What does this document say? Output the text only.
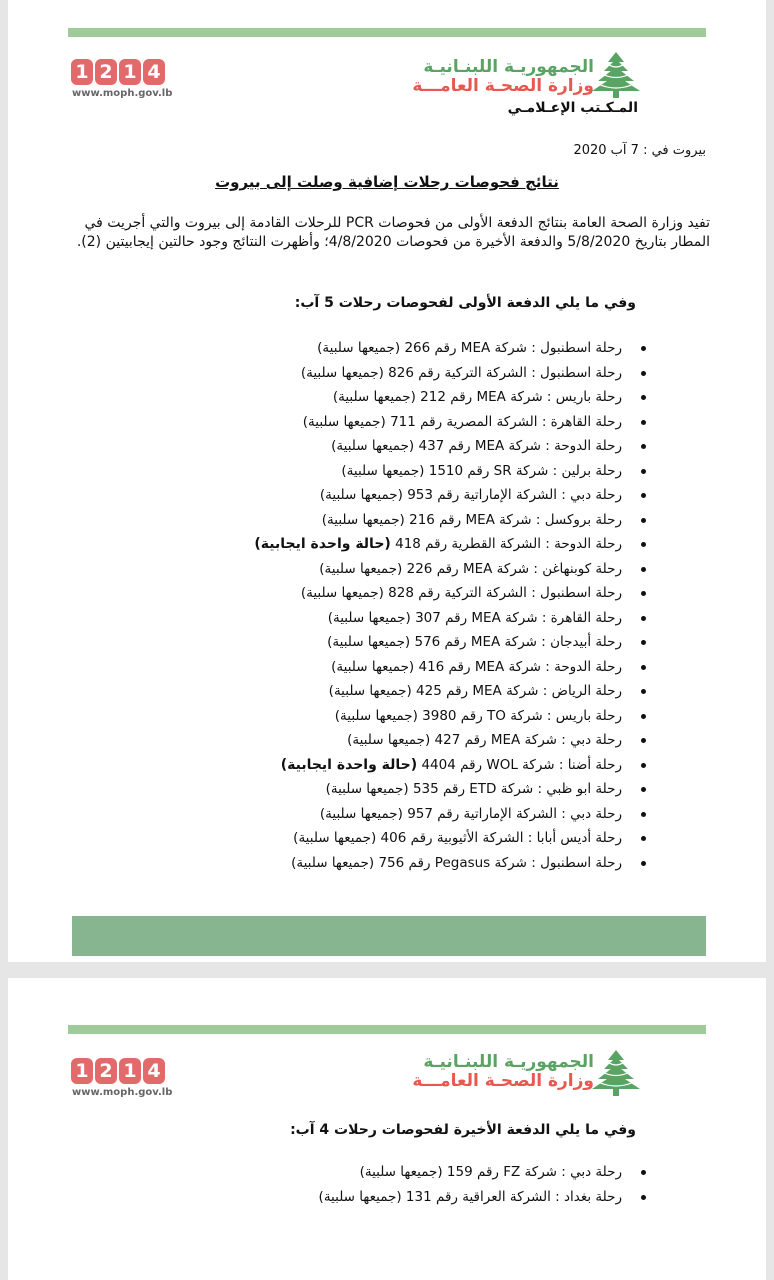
1 2 1 4
www.moph.gov.lb
الجمهوريـة اللبنـانيـة
وزارة الصحـة العامـــة
المـكـتب الإعـلامـي
بيروت في : 7 آب 2020
نتائج فحوصات رحلات إضافية وصلت إلى بيروت
تفيد وزارة الصحة العامة بنتائج الدفعة الأولى من فحوصات PCR للرحلات القادمة إلى بيروت والتي أجريت في المطار بتاريخ 5/8/2020 والدفعة الأخيرة من فحوصات 4/8/2020؛ وأظهرت النتائج وجود حالتين إيجابيتين (2).
وفي ما يلي الدفعة الأولى لفحوصات رحلات 5 آب:
رحلة اسطنبول : شركة MEA رقم 266 (جميعها سلبية)
رحلة اسطنبول : الشركة التركية رقم 826 (جميعها سلبية)
رحلة باريس : شركة MEA رقم 212 (جميعها سلبية)
رحلة القاهرة : الشركة المصرية رقم 711 (جميعها سلبية)
رحلة الدوحة : شركة MEA رقم 437 (جميعها سلبية)
رحلة برلين : شركة SR رقم 1510 (جميعها سلبية)
رحلة دبي : الشركة الإماراتية رقم 953 (جميعها سلبية)
رحلة بروكسل : شركة MEA رقم 216 (جميعها سلبية)
رحلة الدوحة : الشركة القطرية رقم 418 (حالة واحدة ايجابية)
رحلة كوبنهاغن : شركة MEA رقم 226 (جميعها سلبية)
رحلة اسطنبول : الشركة التركية رقم 828 (جميعها سلبية)
رحلة القاهرة : شركة MEA رقم 307 (جميعها سلبية)
رحلة أبيدجان : شركة MEA رقم 576 (جميعها سلبية)
رحلة الدوحة : شركة MEA رقم 416 (جميعها سلبية)
رحلة الرياض : شركة MEA رقم 425 (جميعها سلبية)
رحلة باريس : شركة TO رقم 3980 (جميعها سلبية)
رحلة دبي : شركة MEA رقم 427 (جميعها سلبية)
رحلة أضنا : شركة WOL رقم 4404 (حالة واحدة ايجابية)
رحلة ابو ظبي : شركة ETD رقم 535 (جميعها سلبية)
رحلة دبي : الشركة الإماراتية رقم 957 (جميعها سلبية)
رحلة أديس أبابا : الشركة الأثيوبية رقم 406 (جميعها سلبية)
رحلة اسطنبول : شركة Pegasus رقم 756 (جميعها سلبية)
1 2 1 4
www.moph.gov.lb
الجمهوريـة اللبنـانيـة
وزارة الصحـة العامـــة
وفي ما يلي الدفعة الأخيرة لفحوصات رحلات 4 آب:
رحلة دبي : شركة FZ رقم 159 (جميعها سلبية)
رحلة بغداد : الشركة العراقية رقم 131 (جميعها سلبية)
